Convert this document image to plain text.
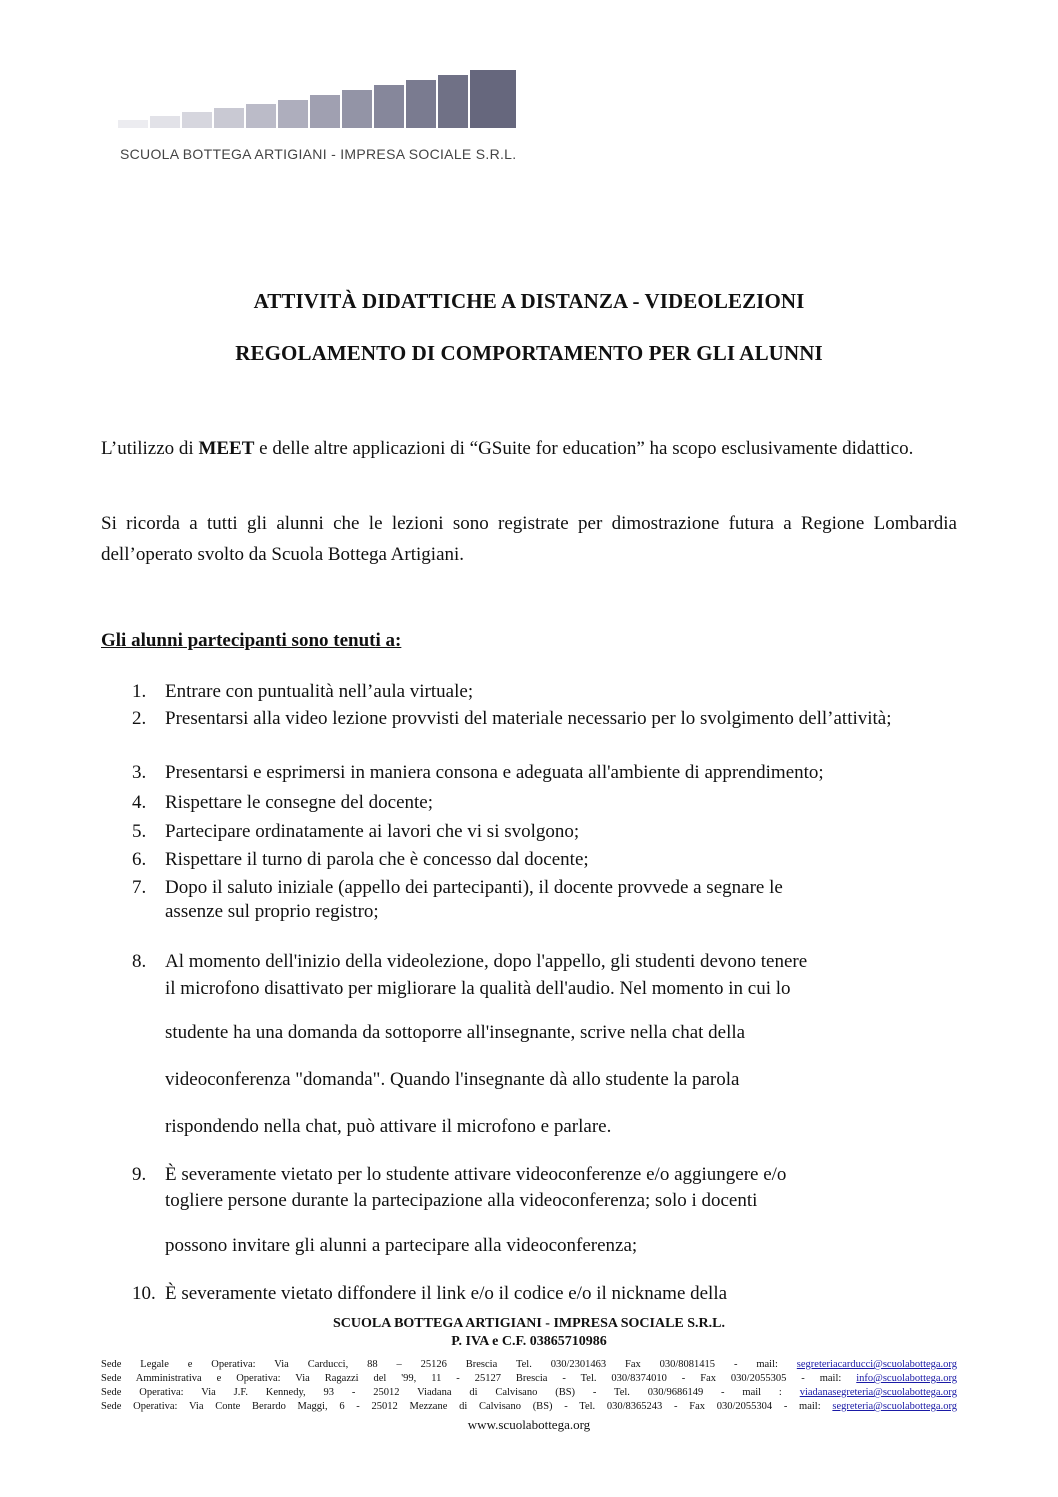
SCUOLA BOTTEGA ARTIGIANI - IMPRESA SOCIALE S.R.L.
ATTIVITÀ DIDATTICHE A DISTANZA - VIDEOLEZIONI
REGOLAMENTO DI COMPORTAMENTO PER GLI ALUNNI
L’utilizzo di MEET e delle altre applicazioni di “GSuite for education” ha scopo esclusivamente didattico.
Si ricorda a tutti gli alunni che le lezioni sono registrate per dimostrazione futura a Regione Lombardia dell’operato svolto da Scuola Bottega Artigiani.
Gli alunni partecipanti sono tenuti a:
1. Entrare con puntualità nell’aula virtuale;
2. Presentarsi alla video lezione provvisti del materiale necessario per lo svolgimento dell’attività;
3. Presentarsi e esprimersi in maniera consona e adeguata all'ambiente di apprendimento;
4. Rispettare le consegne del docente;
5. Partecipare ordinatamente ai lavori che vi si svolgono;
6. Rispettare il turno di parola che è concesso dal docente;
7. Dopo il saluto iniziale (appello dei partecipanti), il docente provvede a segnare le
assenze sul proprio registro;
8. Al momento dell'inizio della videolezione, dopo l'appello, gli studenti devono tenere
il microfono disattivato per migliorare la qualità dell'audio. Nel momento in cui lo
studente ha una domanda da sottoporre all'insegnante, scrive nella chat della
videoconferenza "domanda". Quando l'insegnante dà allo studente la parola
rispondendo nella chat, può attivare il microfono e parlare.
9. È severamente vietato per lo studente attivare videoconferenze e/o aggiungere e/o
togliere persone durante la partecipazione alla videoconferenza; solo i docenti
possono invitare gli alunni a partecipare alla videoconferenza;
10. È severamente vietato diffondere il link e/o il codice e/o il nickname della
SCUOLA BOTTEGA ARTIGIANI - IMPRESA SOCIALE S.R.L.
P. IVA e C.F. 03865710986
Sede Legale e Operativa: Via Carducci, 88 – 25126 Brescia Tel. 030/2301463 Fax 030/8081415 - mail: segreteriacarducci@scuolabottega.org
Sede Amministrativa e Operativa: Via Ragazzi del '99, 11 - 25127 Brescia - Tel. 030/8374010 - Fax 030/2055305 - mail: info@scuolabottega.org
Sede Operativa: Via J.F. Kennedy, 93 - 25012 Viadana di Calvisano (BS) - Tel. 030/9686149 - mail : viadanasegreteria@scuolabottega.org
Sede Operativa: Via Conte Berardo Maggi, 6 - 25012 Mezzane di Calvisano (BS) - Tel. 030/8365243 - Fax 030/2055304 - mail: segreteria@scuolabottega.org
www.scuolabottega.org
